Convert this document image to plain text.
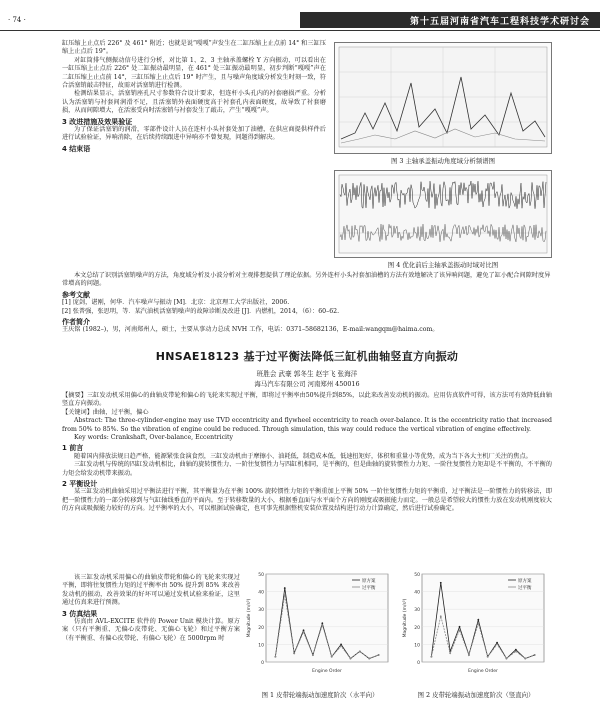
· 74 ·	第十五届河南省汽车工程科技学术研讨会

缸压缩上止点后 226° 及 461° 附近；也就是说“嘎嘎”声发生在二缸压缩上止点前 14° 和三缸压缩上止点后 19°。

对缸筒排气侧振动信号进行分析，对比第 1、2、3 主轴承盖螺栓 Y 方向振动，可以看出在一缸压缩上止点后 226° 处二缸振动最明显，在 461° 处三缸振动最明显，初步判断“嘎嘎”声在二缸压缩上止点前 14°，三缸压缩上止点后 19° 时产生，且与噪声角度域分析发生时刻一致，符合活塞销敲击特征，故需对活塞销进行检测。

检测结果显示，活塞销座孔尺寸参数符合设计要求，但连杆小头孔内的衬套磨损严重。分析认为活塞销与衬套间润滑不足，且活塞销外表面硬度高于衬套孔内表面硬度，故导致了衬套磨损，从而间隙增大，在活塞受向时活塞销与衬套发生了敲击，产生“嘎嘎”声。

3 改进措施及效果验证

为了保证活塞销的润滑，零部件设计人员在连杆小头衬套处加了油槽，在供应商提供样件后进行试验验证，异响消除，在后续持续跟进中异响亦不曾复现，问题得到解决。

4 结束语

本文总结了识别活塞销噪声的方法，角度域分析及小波分析对主观排想提供了理论依据。另外连杆小头衬套加油槽的方法有效地解决了该异响问题，避免了缸小配合间隙时度异常增高的问题。

参考文献
[1] 庞剑，谌刚，何华．汽车噪声与振动 [M]．北京：北京理工大学出版社，2006.
[2] 张普强，张思明，等．某汽油机活塞销噪声的故障诊断及改进 [J]．内燃机，2014，（6）：60–62.
作者简介
王庆铭 (1982–)，男，河南郑州人，硕士，主要从事动力总成 NVH 工作，电话：0371–58682136，E-mail:wangqm@haima.com。
图 3 主轴承盖振动角度域分析频谱图
图 4 优化前后主轴承盖振动时域对比图
HNSAE18123 基于过平衡法降低三缸机曲轴竖直方向振动
班胜会 武豪 郭冬生 赵宇飞 张海洋
海马汽车有限公司 河南郑州 450016

【摘要】三缸发动机采用偏心的曲轴皮带轮和偏心的飞轮来实现过平衡，即将过平衡率由50%提升到85%，以此来改善发动机的振动。应用仿真软件可得，该方法可有效降低曲轴竖直方向振动。

【关键词】曲轴，过平衡，偏心

Abstract: The three-cylinder-engine may use TVD eccentricity and flywheel eccentricity to reach over-balance. It is the eccentricity ratio that increased from 50% to 85%. So the vibration of engine could be reduced. Through simulation, this way could reduce the vertical vibration of engine effectively.

Key words: Crankshaft, Over-balance, Eccentricity

1 前言

随着国内排放法规日趋严格，能源紧张食演食烈，三缸发动机由于摩擦小、油耗低，制造成本低，低速扭矩好，体积和重量小等优势，成为当下各大主机厂关注的焦点。

三缸发动机与传统的四缸发动机相比，曲轴的旋转惯性力、一阶往复惯性力与四缸机相同，是平衡的，但是曲轴的旋转惯性力力矩、一阶往复惯性力矩却是不平衡的，不平衡的力矩会给发动机带来振动。

2 平衡设计

某三缸发动机曲轴采用过平衡法进行平衡，其平衡量为在平衡 100% 旋转惯性力矩的平衡重加上平衡 50% 一阶往复惯性力矩的平衡重，过平衡法是一阶惯性力的转移法，即把一阶惯性力的一部分转移到与气缸轴线垂直的平面内。至于转移数量的大小，根据垂直面与水平面个方向的刚度或吸振能力而定。一般总是希望较大的惯性力放在发动机刚度较大的方向或吸振能力较好的方向。过平衡率的大小，可以根据试验确定，也可事先根据整机安装位置及结构进行动力计算确定，然后进行试验确定。

该三缸发动机采用偏心的曲轴皮带轮和偏心的飞轮来实现过平衡，即将往复惯性力矩的过平衡率由 50% 提升到 85% 来改善发动机的振动，改善效果的好坏可以通过发机试验来验证，这里通过仿真来进行预测。

3 仿真结果

仿真由 AVL-EXCITE 软件的 Power Unit 模块计算。原方案（只有平衡重、无偏心皮带轮、无偏心飞轮）和过平衡方案（有平衡重、有偏心皮带轮、有偏心飞轮）在 5000rpm 时

0
10
20
30
40
50
Magnitude (m/s²)
Engine Order
原方案
过平衡
图 1 皮带轮端振动加速度阶次（水平向）
0
10
20
30
40
50
Magnitude (m/s²)
Engine Order
原方案
过平衡
图 2 皮带轮端振动加速度阶次（竖直向）
